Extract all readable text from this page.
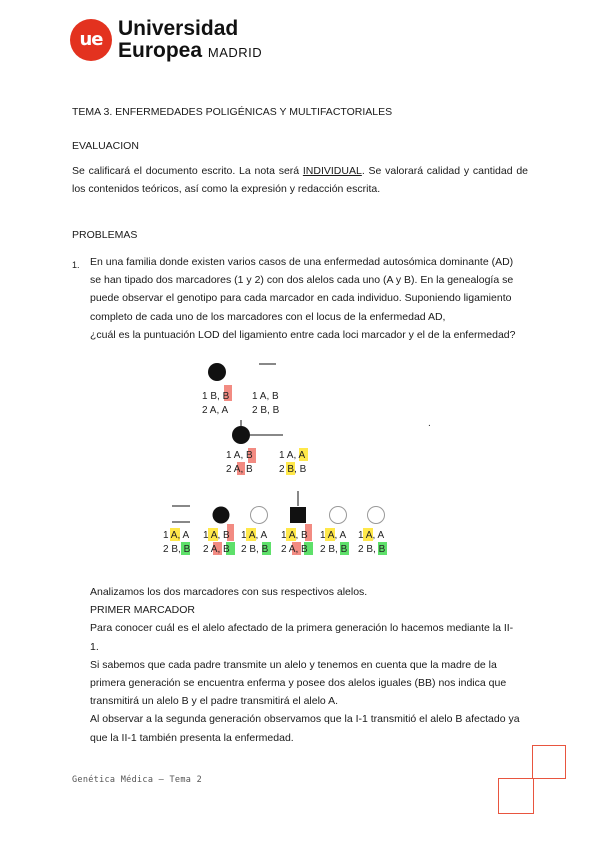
ue Universidad
Europea MADRID
TEMA 3. ENFERMEDADES POLIGÉNICAS Y MULTIFACTORIALES
EVALUACION
Se calificará el documento escrito. La nota será INDIVIDUAL. Se valorará calidad y cantidad de los contenidos teóricos, así como la expresión y redacción escrita.
PROBLEMAS
1. En una familia donde existen varios casos de una enfermedad autosómica dominante (AD)
se han tipado dos marcadores (1 y 2) con dos alelos cada uno (A y B). En la genealogía se
puede observar el genotipo para cada marcador en cada individuo. Suponiendo ligamiento
completo de cada uno de los marcadores con el locus de la enfermedad AD,
¿cuál es la puntuación LOD del ligamiento entre cada loci marcador y el de la enfermedad?
1 B, B
2 A, A
1 A, B
2 B, B
1 A, B
2 A, B
1 A, A
2 B, B
.
1 A, A
2 B, B
1 A, B
2 A, B
1 A, A
2 B, B
1 A, B
2 A, B
1 A, A
2 B, B
1 A, A
2 B, B
Analizamos los dos marcadores con sus respectivos alelos.
PRIMER MARCADOR
Para conocer cuál es el alelo afectado de la primera generación lo hacemos mediante la II-
1.
Si sabemos que cada padre transmite un alelo y tenemos en cuenta que la madre de la
primera generación se encuentra enferma y posee dos alelos iguales (BB) nos indica que
transmitirá un alelo B y el padre transmitirá el alelo A.
Al observar a la segunda generación observamos que la I-1 transmitió el alelo B afectado ya
que la II-1 también presenta la enfermedad.
Genética Médica – Tema 2
